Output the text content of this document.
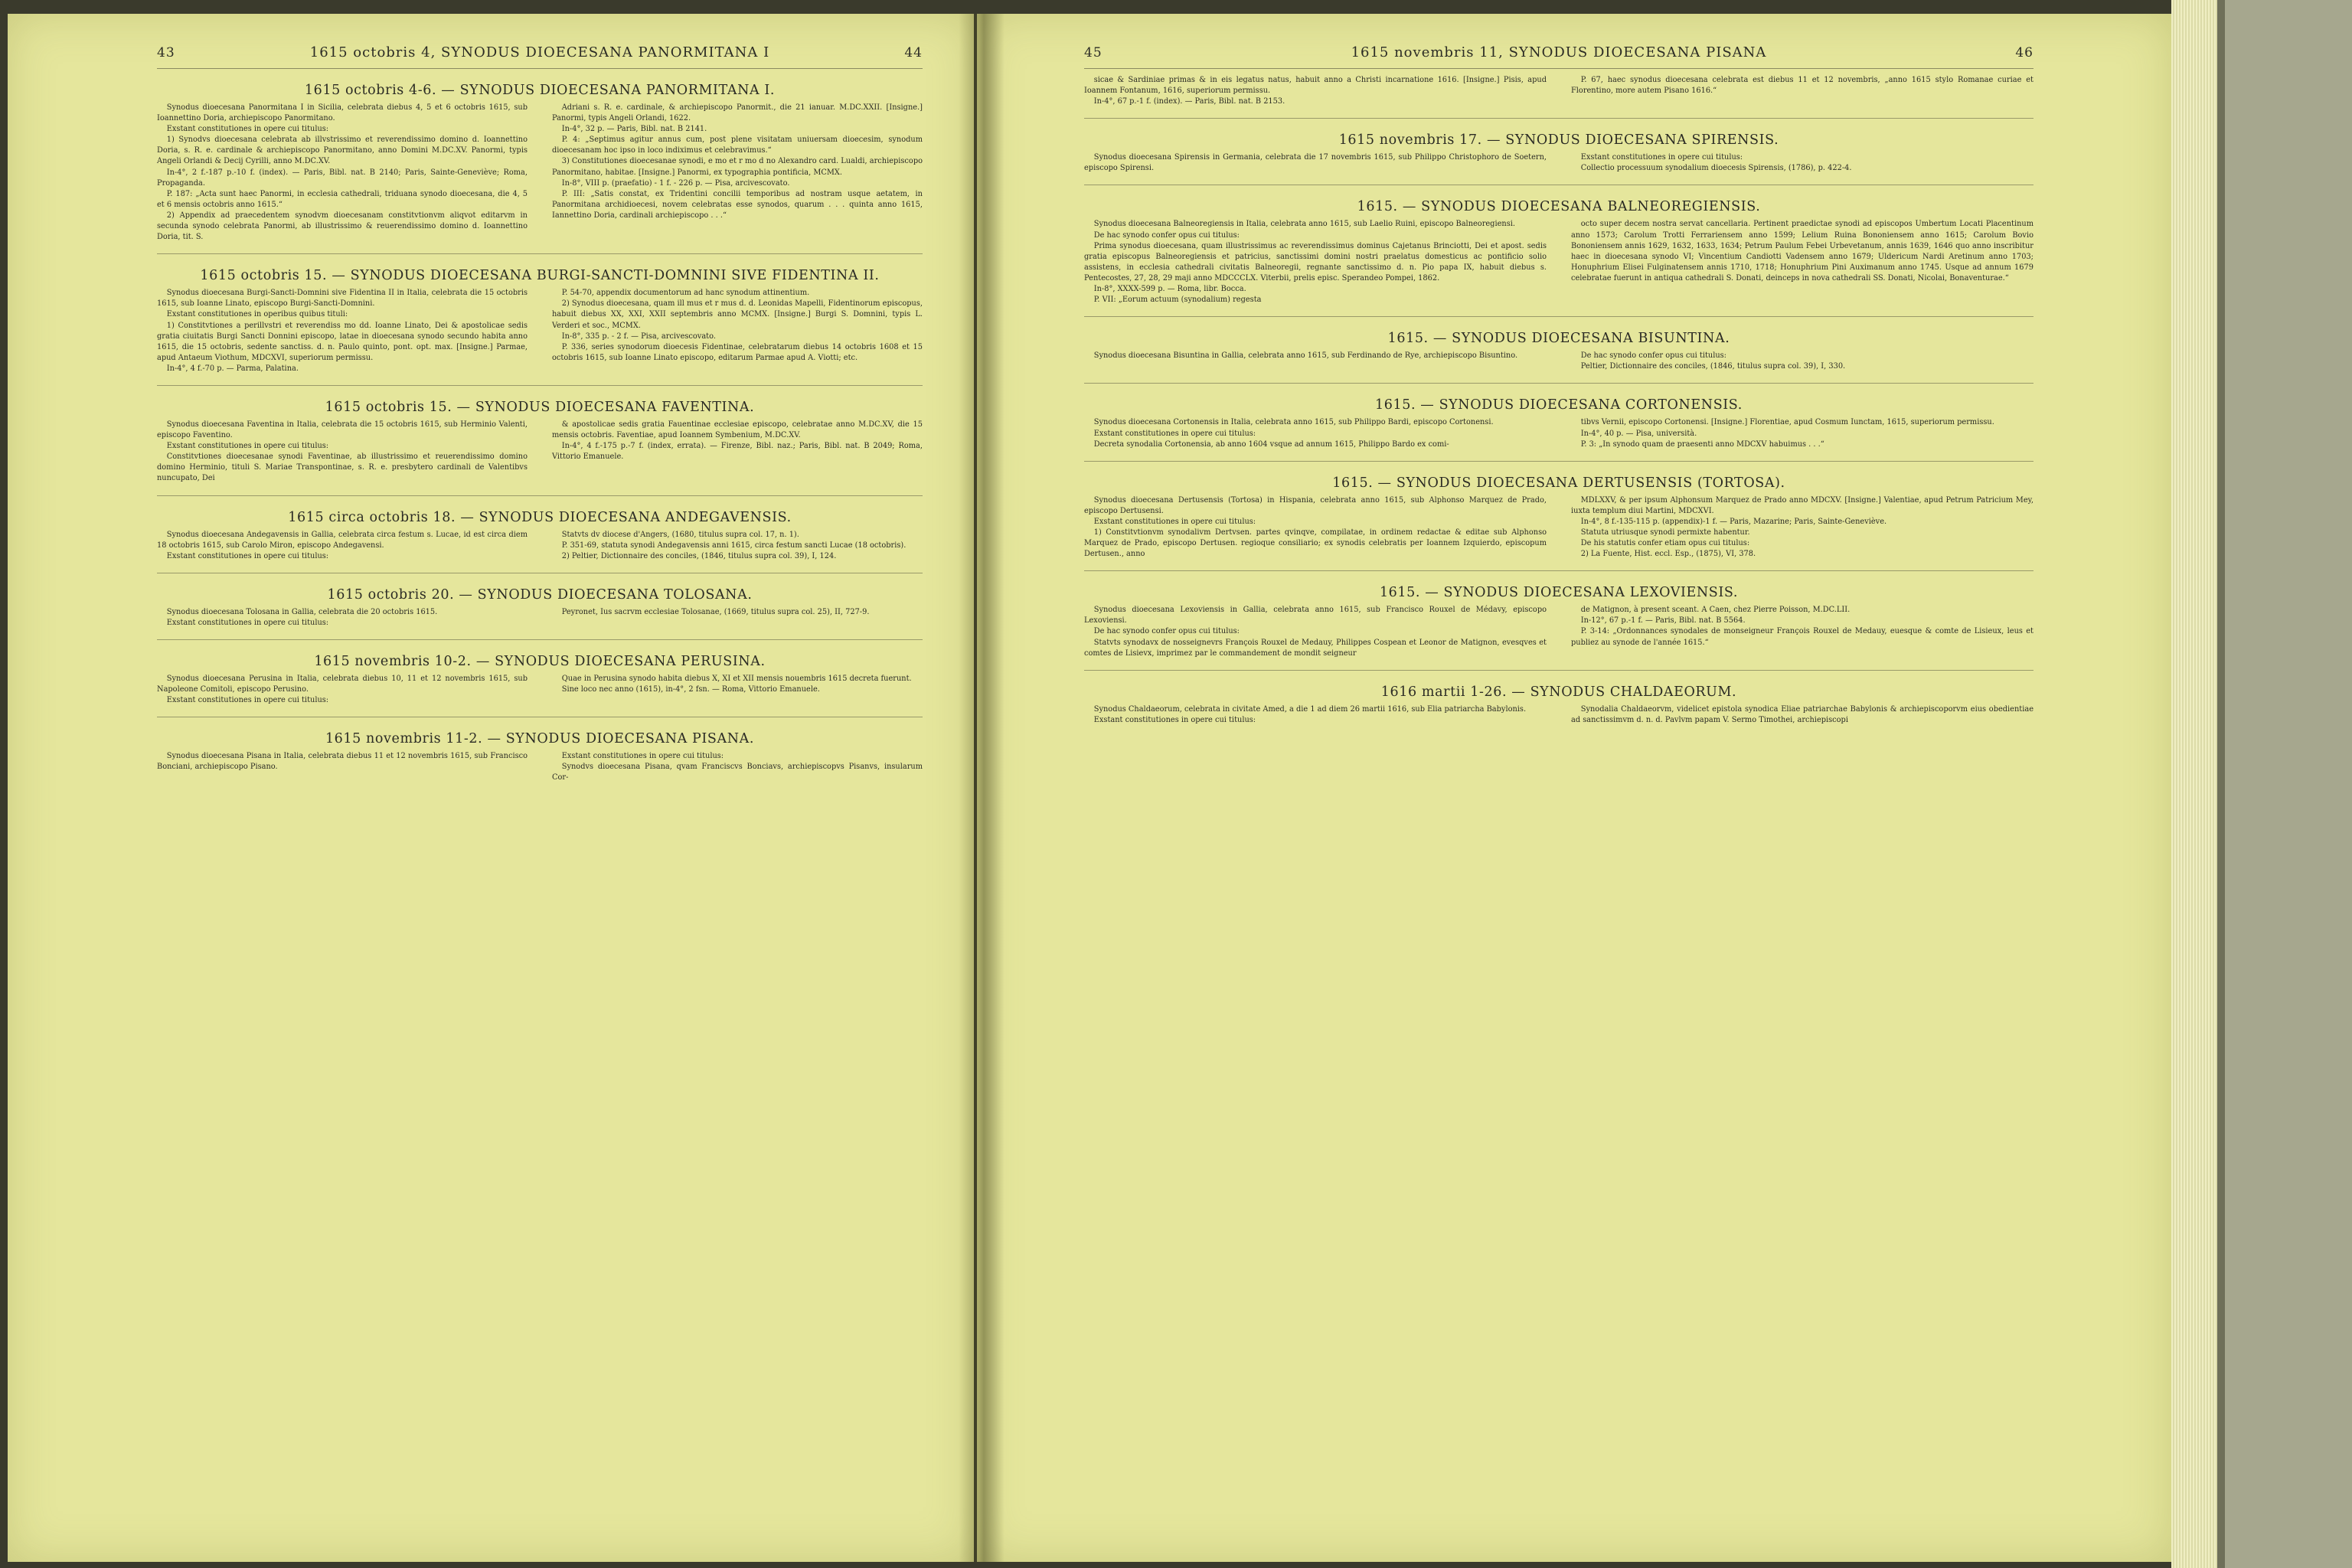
43	1615 octobris 4, SYNODUS DIOECESANA PANORMITANA I	44
1615 octobris 4-6. — SYNODUS DIOECESANA PANORMITANA I.

Synodus dioecesana Panormitana I in Sicilia, celebrata diebus 4, 5 et 6 octobris 1615, sub Ioannettino Doria, archiepiscopo Panormitano.

Exstant constitutiones in opere cui titulus:

1) Synodvs dioecesana celebrata ab illvstrissimo et reverendissimo domino d. Ioannettino Doria, s. R. e. cardinale & archiepiscopo Panormitano, anno Domini M.DC.XV. Panormi, typis Angeli Orlandi & Decij Cyrilli, anno M.DC.XV.

In-4°, 2 f.-187 p.-10 f. (index). — Paris, Bibl. nat. B 2140; Paris, Sainte-Geneviève; Roma, Propaganda.

P. 187: „Acta sunt haec Panormi, in ecclesia cathedrali, triduana synodo dioecesana, die 4, 5 et 6 mensis octobris anno 1615.“

2) Appendix ad praecedentem synodvm dioecesanam constitvtionvm aliqvot editarvm in secunda synodo celebrata Panormi, ab illustrissimo & reuerendissimo domino d. Ioannettino Doria, tit. S.

Adriani s. R. e. cardinale, & archiepiscopo Panormit., die 21 ianuar. M.DC.XXII. [Insigne.] Panormi, typis Angeli Orlandi, 1622.

In-4°, 32 p. — Paris, Bibl. nat. B 2141.

P. 4: „Septimus agitur annus cum, post plene visitatam uniuersam dioecesim, synodum dioecesanam hoc ipso in loco indiximus et celebravimus.“

3) Constitutiones dioecesanae synodi, e mo et r mo d no Alexandro card. Lualdi, archiepiscopo Panormitano, habitae. [Insigne.] Panormi, ex typographia pontificia, MCMX.

In-8°, VIII p. (praefatio) - 1 f. - 226 p. — Pisa, arcivescovato.

P. III: „Satis constat, ex Tridentini concilii temporibus ad nostram usque aetatem, in Panormitana archidioecesi, novem celebratas esse synodos, quarum . . . quinta anno 1615, Iannettino Doria, cardinali archiepiscopo . . .“

1615 octobris 15. — SYNODUS DIOECESANA BURGI-SANCTI-DOMNINI SIVE FIDENTINA II.

Synodus dioecesana Burgi-Sancti-Domnini sive Fidentina II in Italia, celebrata die 15 octobris 1615, sub Ioanne Linato, episcopo Burgi-Sancti-Domnini.

Exstant constitutiones in operibus quibus tituli:

1) Constitvtiones a perillvstri et reverendiss mo dd. Ioanne Linato, Dei & apostolicae sedis gratia ciuitatis Burgi Sancti Donnini episcopo, latae in dioecesana synodo secundo habita anno 1615, die 15 octobris, sedente sanctiss. d. n. Paulo quinto, pont. opt. max. [Insigne.] Parmae, apud Antaeum Viothum, MDCXVI, superiorum permissu.

In-4°, 4 f.-70 p. — Parma, Palatina.

P. 54-70, appendix documentorum ad hanc synodum attinentium.

2) Synodus dioecesana, quam ill mus et r mus d. d. Leonidas Mapelli, Fidentinorum episcopus, habuit diebus XX, XXI, XXII septembris anno MCMX. [Insigne.] Burgi S. Domnini, typis L. Verderi et soc., MCMX.

In-8°, 335 p. - 2 f. — Pisa, arcivescovato.

P. 336, series synodorum dioecesis Fidentinae, celebratarum diebus 14 octobris 1608 et 15 octobris 1615, sub Ioanne Linato episcopo, editarum Parmae apud A. Viotti; etc.

1615 octobris 15. — SYNODUS DIOECESANA FAVENTINA.

Synodus dioecesana Faventina in Italia, celebrata die 15 octobris 1615, sub Herminio Valenti, episcopo Faventino.

Exstant constitutiones in opere cui titulus:

Constitvtiones dioecesanae synodi Faventinae, ab illustrissimo et reuerendissimo domino domino Herminio, tituli S. Mariae Transpontinae, s. R. e. presbytero cardinali de Valentibvs nuncupato, Dei

& apostolicae sedis gratia Fauentinae ecclesiae episcopo, celebratae anno M.DC.XV, die 15 mensis octobris. Faventiae, apud Ioannem Symbenium, M.DC.XV.

In-4°, 4 f.-175 p.-7 f. (index, errata). — Firenze, Bibl. naz.; Paris, Bibl. nat. B 2049; Roma, Vittorio Emanuele.

1615 circa octobris 18. — SYNODUS DIOECESANA ANDEGAVENSIS.

Synodus dioecesana Andegavensis in Gallia, celebrata circa festum s. Lucae, id est circa diem 18 octobris 1615, sub Carolo Miron, episcopo Andegavensi.

Exstant constitutiones in opere cui titulus:

Statvts dv diocese d'Angers, (1680, titulus supra col. 17, n. 1).

P. 351-69, statuta synodi Andegavensis anni 1615, circa festum sancti Lucae (18 octobris).

2) Peltier, Dictionnaire des conciles, (1846, titulus supra col. 39), I, 124.

1615 octobris 20. — SYNODUS DIOECESANA TOLOSANA.

Synodus dioecesana Tolosana in Gallia, celebrata die 20 octobris 1615.

Exstant constitutiones in opere cui titulus:

Peyronet, Ius sacrvm ecclesiae Tolosanae, (1669, titulus supra col. 25), II, 727-9.

1615 novembris 10-2. — SYNODUS DIOECESANA PERUSINA.

Synodus dioecesana Perusina in Italia, celebrata diebus 10, 11 et 12 novembris 1615, sub Napoleone Comitoli, episcopo Perusino.

Exstant constitutiones in opere cui titulus:

Quae in Perusina synodo habita diebus X, XI et XII mensis nouembris 1615 decreta fuerunt.

Sine loco nec anno (1615), in-4°, 2 fsn. — Roma, Vittorio Emanuele.

1615 novembris 11-2. — SYNODUS DIOECESANA PISANA.

Synodus dioecesana Pisana in Italia, celebrata diebus 11 et 12 novembris 1615, sub Francisco Bonciani, archiepiscopo Pisano.

Exstant constitutiones in opere cui titulus:

Synodvs dioecesana Pisana, qvam Franciscvs Bonciavs, archiepiscopvs Pisanvs, insularum Cor-

45	1615 novembris 11, SYNODUS DIOECESANA PISANA	46

sicae & Sardiniae primas & in eis legatus natus, habuit anno a Christi incarnatione 1616. [Insigne.] Pisis, apud Ioannem Fontanum, 1616, superiorum permissu.

In-4°, 67 p.-1 f. (index). — Paris, Bibl. nat. B 2153.

P. 67, haec synodus dioecesana celebrata est diebus 11 et 12 novembris, „anno 1615 stylo Romanae curiae et Florentino, more autem Pisano 1616.“

1615 novembris 17. — SYNODUS DIOECESANA SPIRENSIS.

Synodus dioecesana Spirensis in Germania, celebrata die 17 novembris 1615, sub Philippo Christophoro de Soetern, episcopo Spirensi.

Exstant constitutiones in opere cui titulus:

Collectio processuum synodalium dioecesis Spirensis, (1786), p. 422-4.

1615. — SYNODUS DIOECESANA BALNEOREGIENSIS.

Synodus dioecesana Balneoregiensis in Italia, celebrata anno 1615, sub Laelio Ruini, episcopo Balneoregiensi.

De hac synodo confer opus cui titulus:

Prima synodus dioecesana, quam illustrissimus ac reverendissimus dominus Cajetanus Brinciotti, Dei et apost. sedis gratia episcopus Balneoregiensis et patricius, sanctissimi domini nostri praelatus domesticus ac pontificio solio assistens, in ecclesia cathedrali civitatis Balneoregii, regnante sanctissimo d. n. Pio papa IX, habuit diebus s. Pentecostes, 27, 28, 29 maji anno MDCCCLX. Viterbii, prelis episc. Sperandeo Pompei, 1862.

In-8°, XXXX-599 p. — Roma, libr. Bocca.

P. VII: „Eorum actuum (synodalium) regesta

octo super decem nostra servat cancellaria. Pertinent praedictae synodi ad episcopos Umbertum Locati Placentinum anno 1573; Carolum Trotti Ferrariensem anno 1599; Lelium Ruina Bononiensem anno 1615; Carolum Bovio Bononiensem annis 1629, 1632, 1633, 1634; Petrum Paulum Febei Urbevetanum, annis 1639, 1646 quo anno inscribitur haec in dioecesana synodo VI; Vincentium Candiotti Vadensem anno 1679; Uldericum Nardi Aretinum anno 1703; Honuphrium Elisei Fulginatensem annis 1710, 1718; Honuphrium Pini Auximanum anno 1745. Usque ad annum 1679 celebratae fuerunt in antiqua cathedrali S. Donati, deinceps in nova cathedrali SS. Donati, Nicolai, Bonaventurae.“

1615. — SYNODUS DIOECESANA BISUNTINA.

Synodus dioecesana Bisuntina in Gallia, celebrata anno 1615, sub Ferdinando de Rye, archiepiscopo Bisuntino.	De hac synodo confer opus cui titulus:

Peltier, Dictionnaire des conciles, (1846, titulus supra col. 39), I, 330.

1615. — SYNODUS DIOECESANA CORTONENSIS.

Synodus dioecesana Cortonensis in Italia, celebrata anno 1615, sub Philippo Bardi, episcopo Cortonensi.

Exstant constitutiones in opere cui titulus:

Decreta synodalia Cortonensia, ab anno 1604 vsque ad annum 1615, Philippo Bardo ex comi-

tibvs Vernii, episcopo Cortonensi. [Insigne.] Florentiae, apud Cosmum Iunctam, 1615, superiorum permissu.

In-4°, 40 p. — Pisa, università.

P. 3: „In synodo quam de praesenti anno MDCXV habuimus . . .“

1615. — SYNODUS DIOECESANA DERTUSENSIS (TORTOSA).

Synodus dioecesana Dertusensis (Tortosa) in Hispania, celebrata anno 1615, sub Alphonso Marquez de Prado, episcopo Dertusensi.

Exstant constitutiones in opere cui titulus:

1) Constitvtionvm synodalivm Dertvsen. partes qvinqve, compilatae, in ordinem redactae & editae sub Alphonso Marquez de Prado, episcopo Dertusen. regioque consiliario; ex synodis celebratis per Ioannem Izquierdo, episcopum Dertusen., anno

MDLXXV, & per ipsum Alphonsum Marquez de Prado anno MDCXV. [Insigne.] Valentiae, apud Petrum Patricium Mey, iuxta templum diui Martini, MDCXVI.

In-4°, 8 f.-135-115 p. (appendix)-1 f. — Paris, Mazarine; Paris, Sainte-Geneviève.

Statuta utriusque synodi permixte habentur.

De his statutis confer etiam opus cui titulus:

2) La Fuente, Hist. eccl. Esp., (1875), VI, 378.

1615. — SYNODUS DIOECESANA LEXOVIENSIS.

Synodus dioecesana Lexoviensis in Gallia, celebrata anno 1615, sub Francisco Rouxel de Médavy, episcopo Lexoviensi.

De hac synodo confer opus cui titulus:

Statvts synodavx de nosseignevrs François Rouxel de Medauy, Philippes Cospean et Leonor de Matignon, evesqves et comtes de Lisievx, imprimez par le commandement de mondit seigneur

de Matignon, à present sceant. A Caen, chez Pierre Poisson, M.DC.LII.

In-12°, 67 p.-1 f. — Paris, Bibl. nat. B 5564.

P. 3-14: „Ordonnances synodales de monseigneur François Rouxel de Medauy, euesque & comte de Lisieux, leus et publiez au synode de l'année 1615.“

1616 martii 1-26. — SYNODUS CHALDAEORUM.

Synodus Chaldaeorum, celebrata in civitate Amed, a die 1 ad diem 26 martii 1616, sub Elia patriarcha Babylonis.

Exstant constitutiones in opere cui titulus:

Synodalia Chaldaeorvm, videlicet epistola synodica Eliae patriarchae Babylonis & archiepiscoporvm eius obedientiae ad sanctissimvm d. n. d. Pavlvm papam V. Sermo Timothei, archiepiscopi
